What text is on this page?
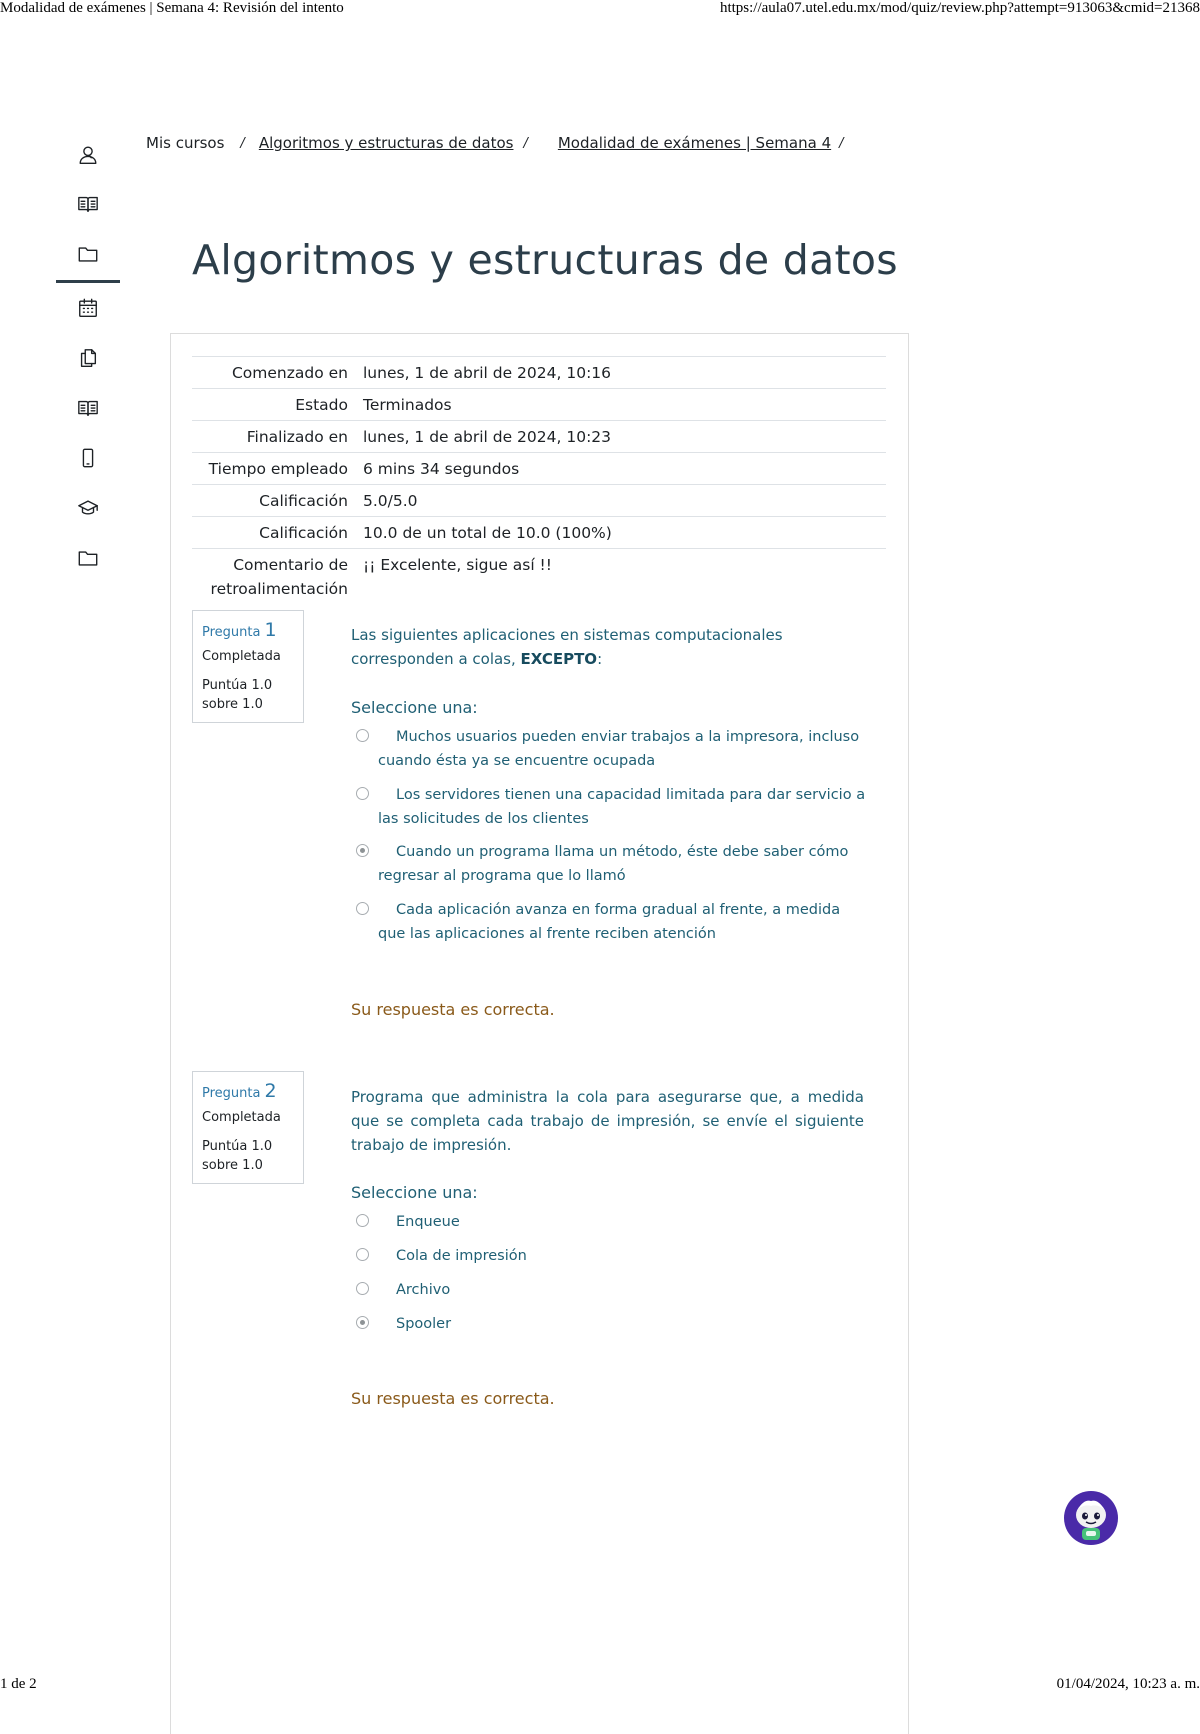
Modalidad de exámenes | Semana 4: Revisión del intento	https://aula07.utel.edu.mx/mod/quiz/review.php?attempt=913063&cmid=21368
1 de 2	01/04/2024, 10:23 a. m.
Mis cursos / Algoritmos y estructuras de datos / Modalidad de exámenes | Semana 4 /
Algoritmos y estructuras de datos
Comenzado en	lunes, 1 de abril de 2024, 10:16
Estado	Terminados
Finalizado en	lunes, 1 de abril de 2024, 10:23
Tiempo empleado	6 mins 34 segundos
Calificación	5.0/5.0
Calificación	10.0 de un total de 10.0 (100%)
Comentario de retroalimentación	¡¡ Excelente, sigue así !!
Pregunta 1
Completada
Puntúa 1.0 sobre 1.0
Las siguientes aplicaciones en sistemas computacionales corresponden a colas, EXCEPTO:
Seleccione una:
Muchos usuarios pueden enviar trabajos a la impresora, incluso cuando ésta ya se encuentre ocupada
Los servidores tienen una capacidad limitada para dar servicio a las solicitudes de los clientes
Cuando un programa llama un método, éste debe saber cómo regresar al programa que lo llamó
Cada aplicación avanza en forma gradual al frente, a medida que las aplicaciones al frente reciben atención
Su respuesta es correcta.
Pregunta 2
Completada
Puntúa 1.0 sobre 1.0
Programa que administra la cola para asegurarse que, a medida que se completa cada trabajo de impresión, se envíe el siguiente trabajo de impresión.
Seleccione una:
Enqueue
Cola de impresión
Archivo
Spooler
Su respuesta es correcta.
